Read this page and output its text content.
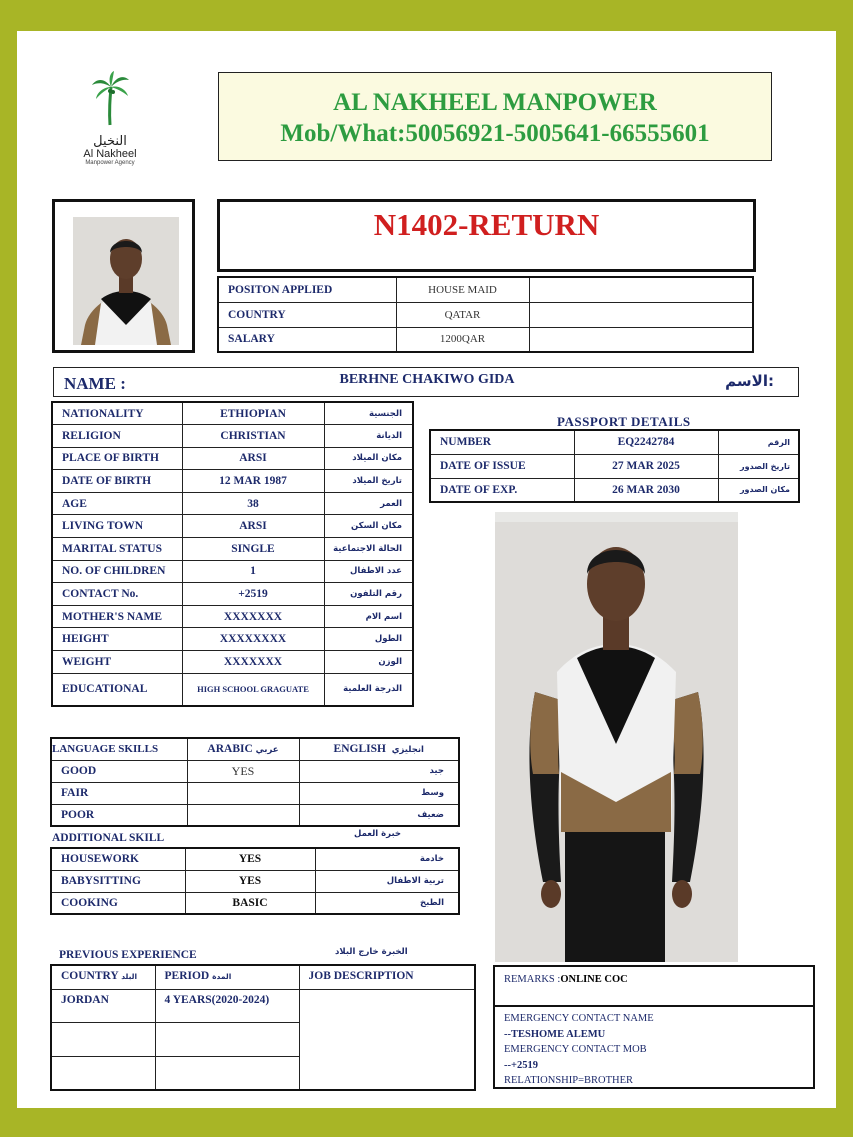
النخيل
Al Nakheel
Manpower Agency
AL NAKHEEL MANPOWER
Mob/What:50056921-5005641-66555601
N1402-RETURN
POSITON APPLIED	HOUSE MAID	
COUNTRY	QATAR	
SALARY	1200QAR	
NAME :	BERHNE CHAKIWO GIDA	الاسم:
NATIONALITY	ETHIOPIAN	الجنسية
RELIGION	CHRISTIAN	الديانة
PLACE OF BIRTH	ARSI	مكان الميلاد
DATE OF BIRTH	12 MAR 1987	تاريخ الميلاد
AGE	38	العمر
LIVING TOWN	ARSI	مكان السكن
MARITAL STATUS	SINGLE	الحالة الاجتماعية
NO. OF CHILDREN	1	عدد الاطفال
CONTACT No.	+2519	رقم التلفون
MOTHER'S NAME	XXXXXXX	اسم الام
HEIGHT	XXXXXXXX	الطول
WEIGHT	XXXXXXX	الوزن
EDUCATIONAL	HIGH SCHOOL GRAGUATE	الدرجة العلمية
PASSPORT DETAILS
NUMBER	EQ2242784	الرقم
DATE OF ISSUE	27 MAR 2025	تاريخ الصدور
DATE OF EXP.	26 MAR 2030	مكان الصدور
LANGUAGE SKILLS	ARABIC عربي	ENGLISH انجليزي
GOOD	YES	جيد
FAIR		وسط
POOR		ضعيف
ADDITIONAL SKILL	خبرة العمل
HOUSEWORK	YES	خادمة
BABYSITTING	YES	تربية الاطفال
COOKING	BASIC	الطبخ
PREVIOUS EXPERIENCE	الخبرة خارج البلاد
COUNTRY البلد	PERIOD المدة	JOB DESCRIPTION
JORDAN	4 YEARS(2020-2024)	

REMARKS :ONLINE COC
EMERGENCY CONTACT NAME
--TESHOME ALEMU
EMERGENCY CONTACT MOB
--+2519
RELATIONSHIP=BROTHER
